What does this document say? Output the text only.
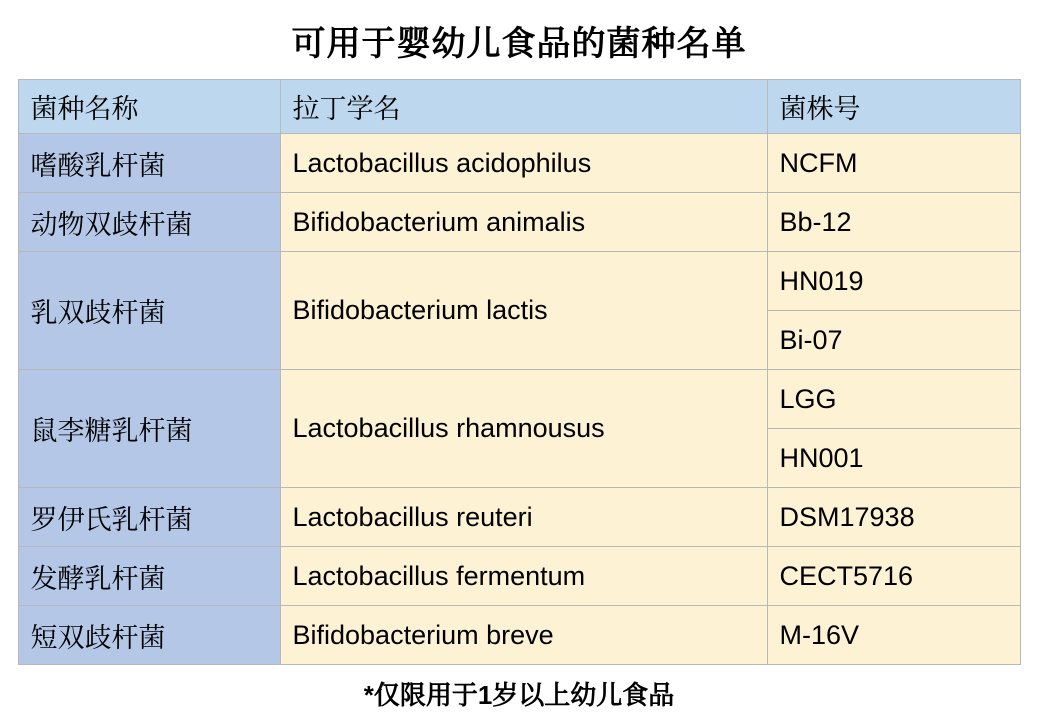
可用于婴幼儿食品的菌种名单
菌种名称	拉丁学名	菌株号
嗜酸乳杆菌	Lactobacillus acidophilus	NCFM
动物双歧杆菌	Bifidobacterium animalis	Bb-12
乳双歧杆菌	Bifidobacterium lactis	HN019
		Bi-07
鼠李糖乳杆菌	Lactobacillus rhamnousus	LGG
		HN001
罗伊氏乳杆菌	Lactobacillus reuteri	DSM17938
发酵乳杆菌	Lactobacillus fermentum	CECT5716
短双歧杆菌	Bifidobacterium breve	M-16V
*仅限用于1岁以上幼儿食品
